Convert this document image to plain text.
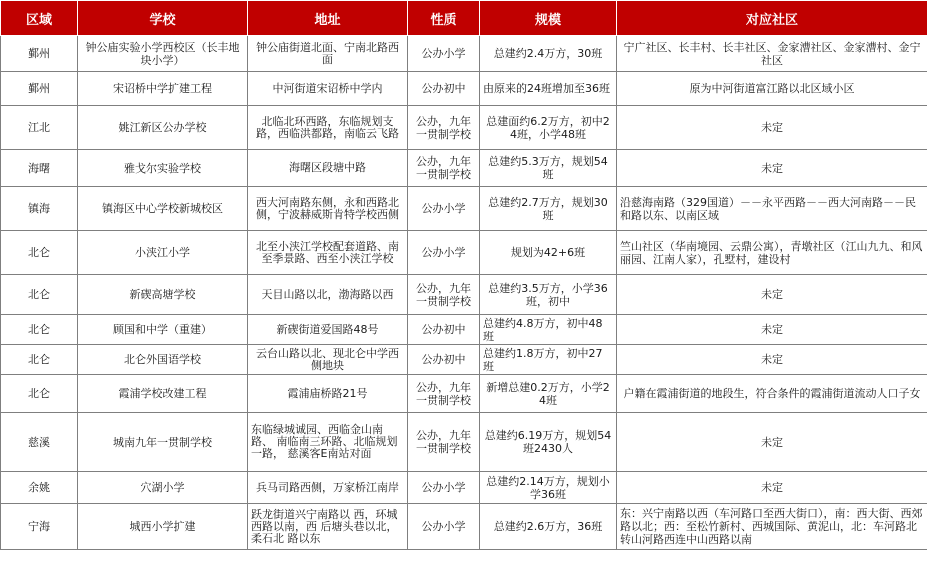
区域	学校	地址	性质	规模	对应社区
鄞州	钟公庙实验小学西校区（长丰地块小学）	钟公庙街道北面、宁南北路西面	公办小学	总建约2.4万方，30班	宁广社区、长丰村、长丰社区、金家漕社区、金家漕村、金宁社区
鄞州	宋诏桥中学扩建工程	中河街道宋诏桥中学内	公办初中	由原来的24班增加至36班	原为中河街道富江路以北区域小区
江北	姚江新区公办学校	北临北环西路，东临规划支路，西临洪都路，南临云飞路	公办，九年一贯制学校	总建面约6.2万方，初中24班，小学48班	未定
海曙	雅戈尔实验学校	海曙区段塘中路	公办，九年一贯制学校	总建约5.3万方，规划54班	未定
镇海	镇海区中心学校新城校区	西大河南路东侧，永和西路北 侧，宁波赫威斯肯特学校西侧	公办小学	总建约2.7万方，规划30班	沿慈海南路（329国道）－－永平西路－－西大河南路－－民和路以东、以南区域
北仑	小浃江小学	北至小浃江学校配套道路、南至季景路、西至小浃江学校	公办小学	规划为42+6班	竺山社区（华南境园、云鼎公寓），青墩社区（江山九九、和风丽园、江南人家），孔墅村，建设村
北仑	新碶高塘学校	天目山路以北，渤海路以西	公办，九年一贯制学校	总建约3.5万方，小学36班，初中	未定
北仑	顾国和中学（重建）	新碶街道爱国路48号	公办初中	总建约4.8万方，初中48班	未定
北仑	北仑外国语学校	云台山路以北、现北仑中学西侧地块	公办初中	总建约1.8万方，初中27班	未定
北仑	霞浦学校改建工程	霞浦庙桥路21号	公办，九年一贯制学校	新增总建0.2万方，小学24班	户籍在霞浦街道的地段生，符合条件的霞浦街道流动人口子女
慈溪	城南九年一贯制学校	东临绿城诚园、西临金山南路、 南临南三环路、北临规划一路， 慈溪客E南站对面	公办，九年一贯制学校	总建约6.19万方，规划54班2430人	未定
余姚	穴湖小学	兵马司路西侧，万家桥江南岸	公办小学	总建约2.14万方，规划小学36班	未定
宁海	城西小学扩建	跃龙街道兴宁南路以 西，环城西路以南，西 后塘头巷以北，柔石北 路以东	公办小学	总建约2.6万方，36班	东：兴宁南路以西（车河路口至西大街口），南：西大街、西郊路以北；西：至松竹新村、西城国际、黄泥山，北：车河路北转山河路西连中山西路以南
